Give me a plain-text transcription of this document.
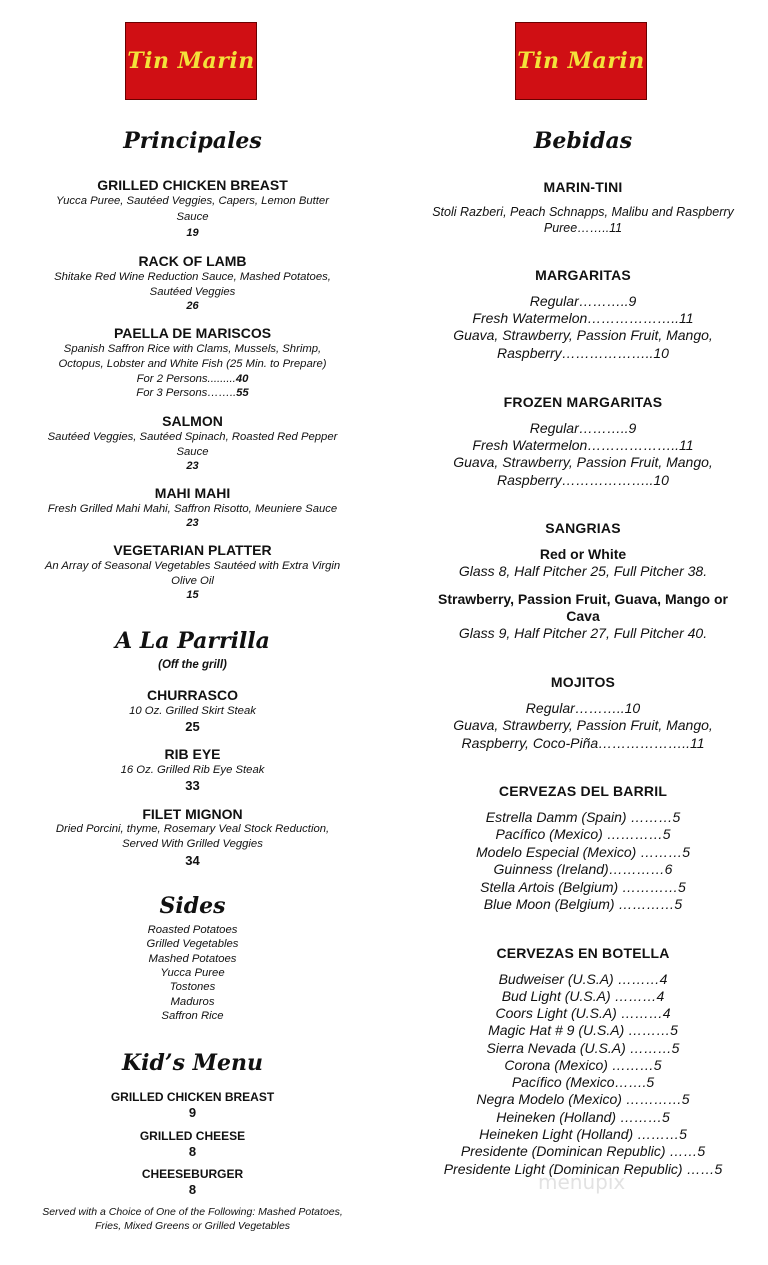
Tin Marin
Principales
GRILLED CHICKEN BREAST
Yucca Puree, Sautéed Veggies, Capers, Lemon Butter
Sauce
19
RACK OF LAMB
Shitake Red Wine Reduction Sauce, Mashed Potatoes,
Sautéed Veggies
26
PAELLA DE MARISCOS
Spanish Saffron Rice with Clams, Mussels, Shrimp,
Octopus, Lobster and White Fish (25 Min. to Prepare)
For 2 Persons.........40
For 3 Persons……..55
SALMON
Sautéed Veggies, Sautéed Spinach, Roasted Red Pepper
Sauce
23
MAHI MAHI
Fresh Grilled Mahi Mahi, Saffron Risotto, Meuniere Sauce
23
VEGETARIAN PLATTER
An Array of Seasonal Vegetables Sautéed with Extra Virgin
Olive Oil
15
A La Parrilla
(Off the grill)
CHURRASCO
10 Oz. Grilled Skirt Steak
25
RIB EYE
16 Oz. Grilled Rib Eye Steak
33
FILET MIGNON
Dried Porcini, thyme, Rosemary Veal Stock Reduction,
Served With Grilled Veggies
34
Sides
Roasted Potatoes
Grilled Vegetables
Mashed Potatoes
Yucca Puree
Tostones
Maduros
Saffron Rice
Kid’s Menu
GRILLED CHICKEN BREAST
9
GRILLED CHEESE
8
CHEESEBURGER
8
Served with a Choice of One of the Following: Mashed Potatoes,
Fries, Mixed Greens or Grilled Vegetables
Tin Marin
Bebidas
MARIN-TINI
Stoli Razberi, Peach Schnapps, Malibu and Raspberry
Puree……..11
MARGARITAS
Regular………..9
Fresh Watermelon………………..11
Guava, Strawberry, Passion Fruit, Mango,
Raspberry………………..10
FROZEN MARGARITAS
Regular………..9
Fresh Watermelon………………..11
Guava, Strawberry, Passion Fruit, Mango,
Raspberry………………..10
SANGRIAS
Red or White
Glass 8, Half Pitcher 25, Full Pitcher 38.
Strawberry, Passion Fruit, Guava, Mango or
Cava
Glass 9, Half Pitcher 27, Full Pitcher 40.
MOJITOS
Regular………..10
Guava, Strawberry, Passion Fruit, Mango,
Raspberry, Coco-Piña………………..11
CERVEZAS DEL BARRIL
Estrella Damm (Spain) ………5
Pacífico (Mexico) …………5
Modelo Especial (Mexico) ………5
Guinness (Ireland)…………6
Stella Artois (Belgium) …………5
Blue Moon (Belgium) …………5
CERVEZAS EN BOTELLA
Budweiser (U.S.A) ………4
Bud Light (U.S.A) ………4
Coors Light (U.S.A) ………4
Magic Hat # 9 (U.S.A) ………5
Sierra Nevada (U.S.A) ………5
Corona (Mexico) ………5
Pacífico (Mexico…….5
Negra Modelo (Mexico) …………5
Heineken (Holland) ………5
Heineken Light (Holland) ………5
Presidente (Dominican Republic) ……5
Presidente Light (Dominican Republic) ……5
menupix
